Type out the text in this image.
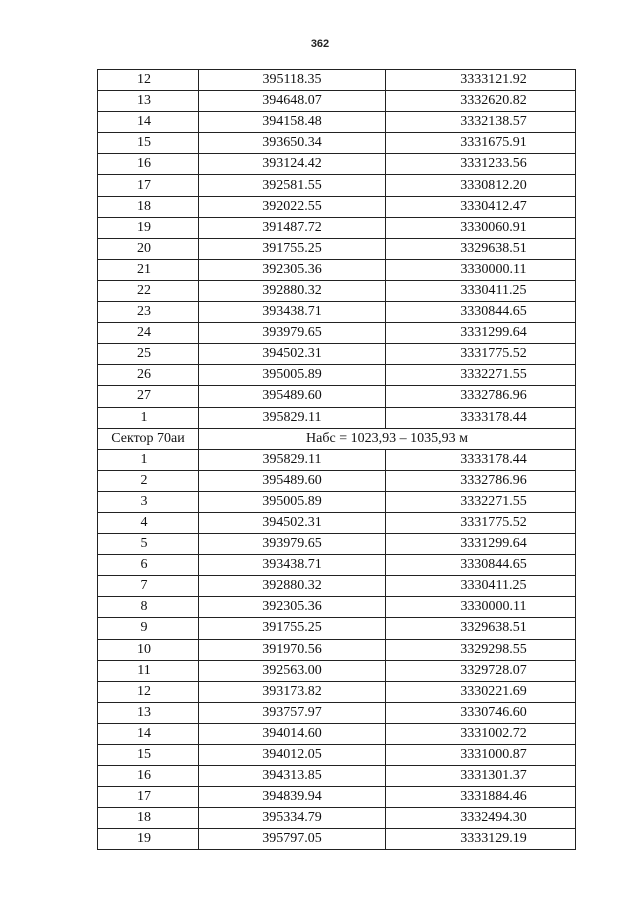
362
12	395118.35	3333121.92
13	394648.07	3332620.82
14	394158.48	3332138.57
15	393650.34	3331675.91
16	393124.42	3331233.56
17	392581.55	3330812.20
18	392022.55	3330412.47
19	391487.72	3330060.91
20	391755.25	3329638.51
21	392305.36	3330000.11
22	392880.32	3330411.25
23	393438.71	3330844.65
24	393979.65	3331299.64
25	394502.31	3331775.52
26	395005.89	3332271.55
27	395489.60	3332786.96
1	395829.11	3333178.44
Сектор 70аи	Набс = 1023,93 – 1035,93 м	
1	395829.11	3333178.44
2	395489.60	3332786.96
3	395005.89	3332271.55
4	394502.31	3331775.52
5	393979.65	3331299.64
6	393438.71	3330844.65
7	392880.32	3330411.25
8	392305.36	3330000.11
9	391755.25	3329638.51
10	391970.56	3329298.55
11	392563.00	3329728.07
12	393173.82	3330221.69
13	393757.97	3330746.60
14	394014.60	3331002.72
15	394012.05	3331000.87
16	394313.85	3331301.37
17	394839.94	3331884.46
18	395334.79	3332494.30
19	395797.05	3333129.19
